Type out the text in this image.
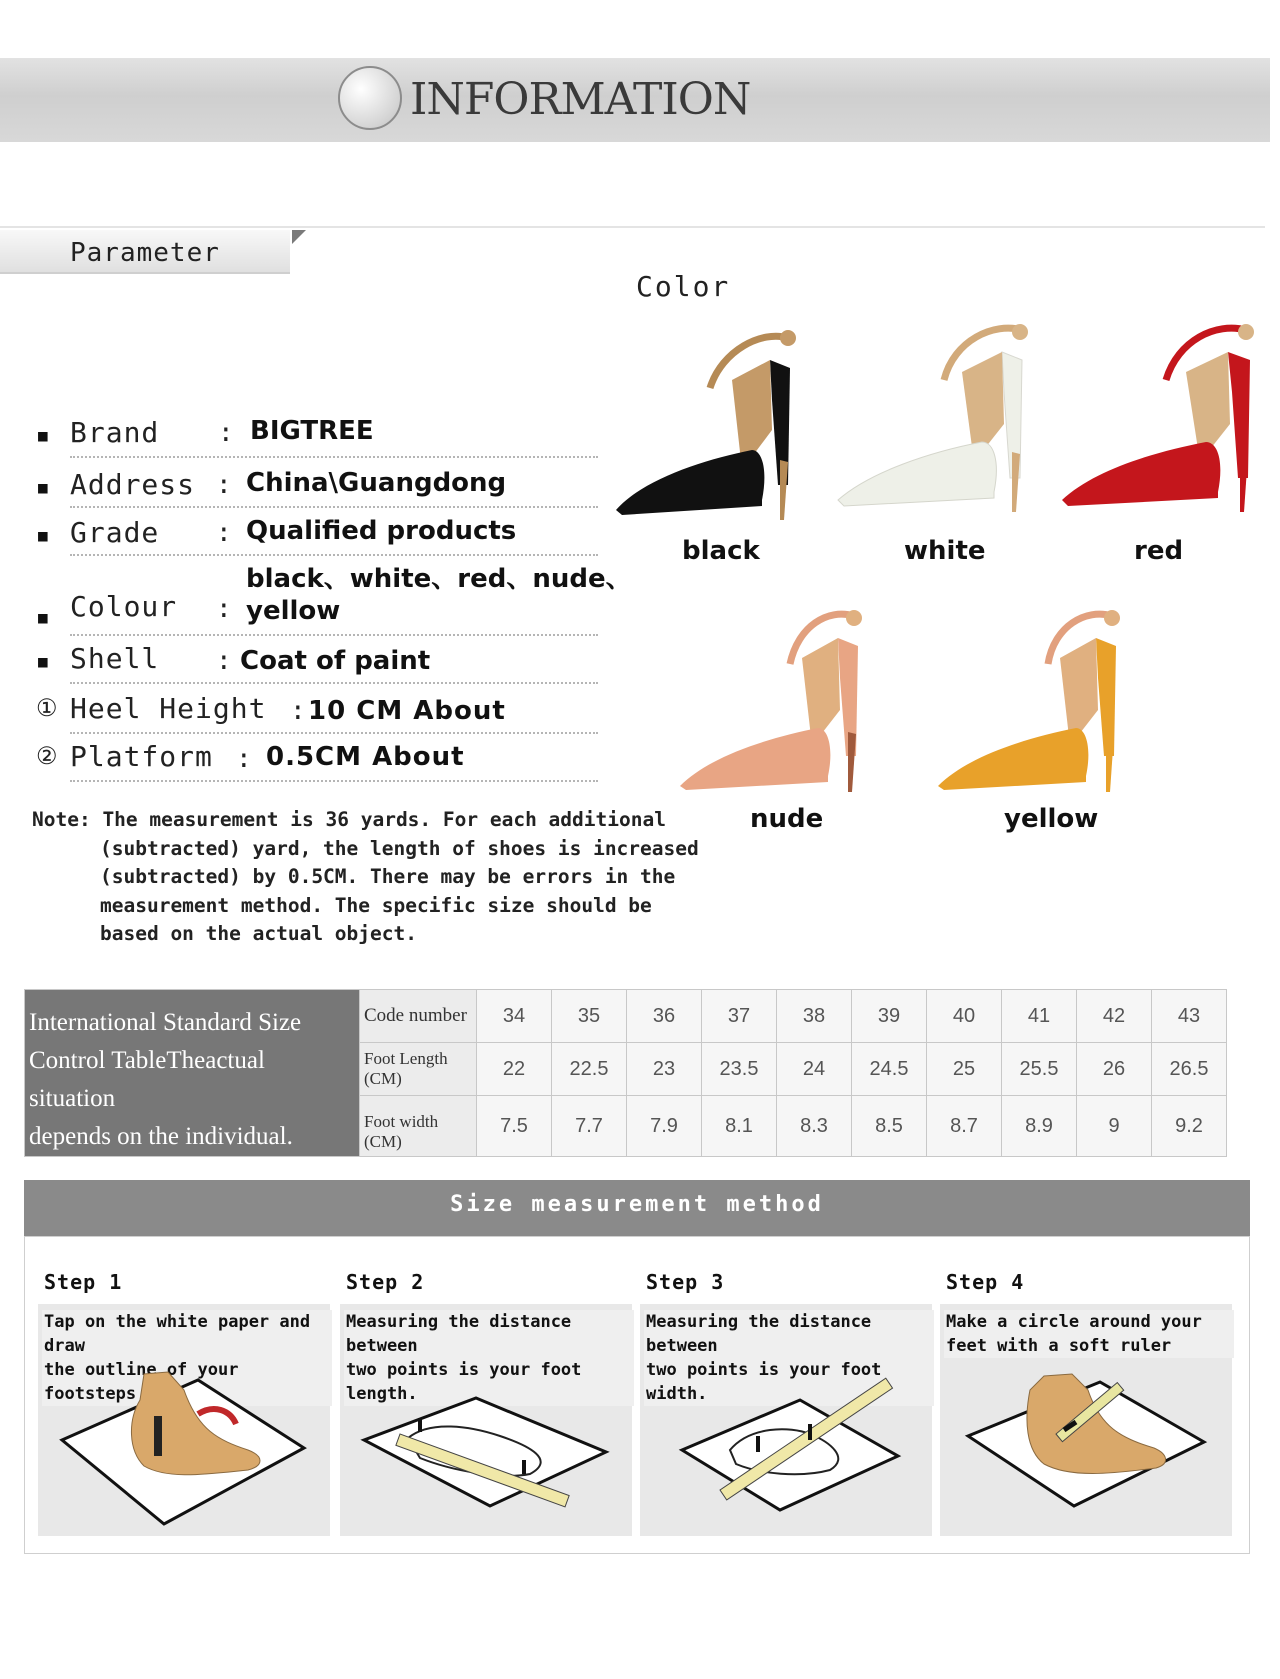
INFORMATION
Parameter
■ Brand : BIGTREE
■ Address : China\Guangdong
■ Grade : Qualified products
black、white、red、nude、
■ Colour : yellow
■ Shell : Coat of paint
① Heel Height : 10 CM About
② Platform : 0.5CM About
Note: The measurement is 36 yards. For each additional
(subtracted) yard, the length of shoes is increased
(subtracted) by 0.5CM. There may be errors in the
measurement method. The specific size should be
based on the actual object.
Color
black	white	red
nude	yellow
International Standard Size
Control TableTheactual situation
depends on the individual.	Code number	34	35	36	37	38	39	40	41	42	43
	Foot Length (CM)	22	22.5	23	23.5	24	24.5	25	25.5	26	26.5
	Foot width (CM)	7.5	7.7	7.9	8.1	8.3	8.5	8.7	8.9	9	9.2
Size measurement method
Step 1
Tap on the white paper and draw
the outline of your footsteps
Step 2
Measuring the distance between
two points is your foot length.
Step 3
Measuring the distance between
two points is your foot width.
Step 4
Make a circle around your
feet with a soft ruler
